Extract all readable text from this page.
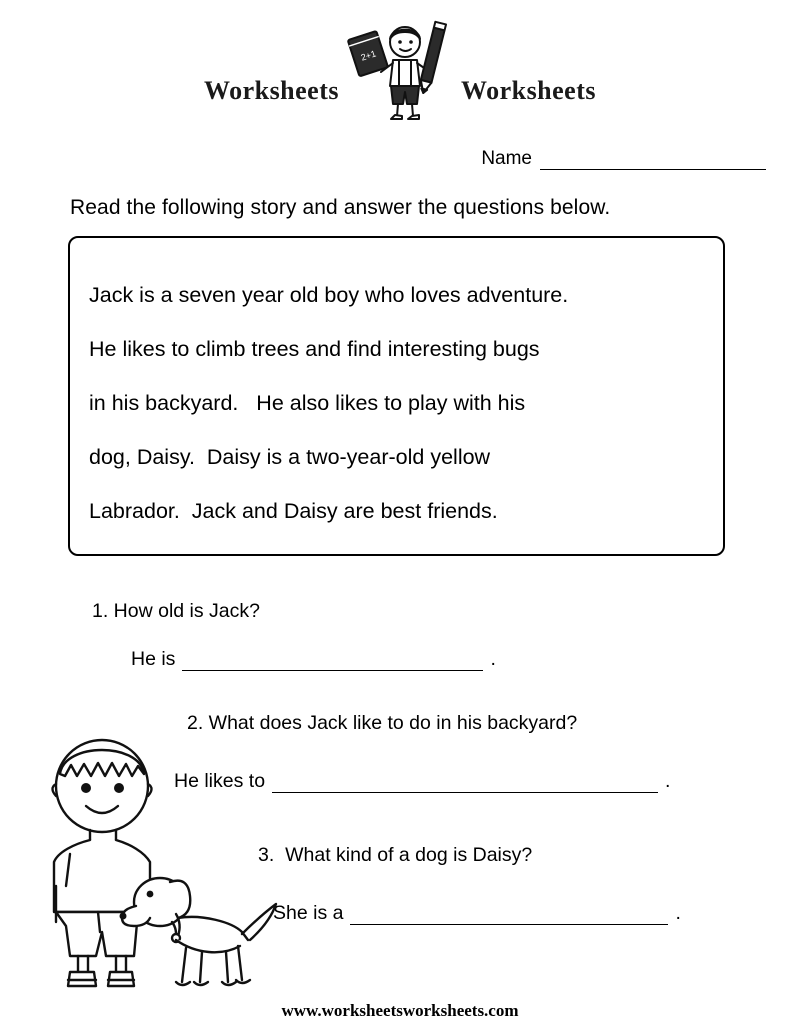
Worksheets
2+1
Worksheets
Name
Read the following story and answer the questions below.
Jack is a seven year old boy who loves adventure.
He likes to climb trees and find interesting bugs
in his backyard.   He also likes to play with his
dog, Daisy.  Daisy is a two-year-old yellow
Labrador.  Jack and Daisy are best friends.
1. How old is Jack?
He is	.
2. What does Jack like to do in his backyard?
He likes to	.
3.  What kind of a dog is Daisy?
She is a	.
www.worksheetsworksheets.com
